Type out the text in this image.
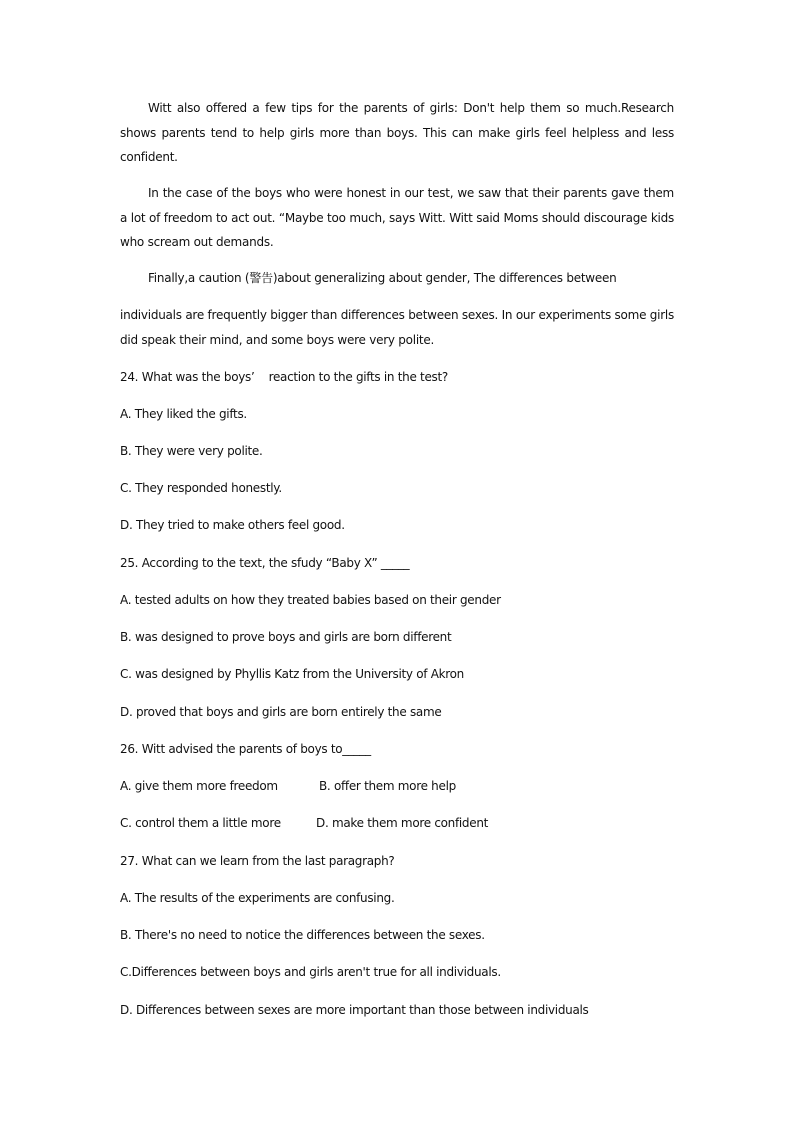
Witt also offered a few tips for the parents of girls: Don't help them so much.Research shows parents tend to help girls more than boys. This can make girls feel helpless and less confident.
In the case of the boys who were honest in our test, we saw that their parents gave them a lot of freedom to act out. “Maybe too much, says Witt. Witt said Moms should discourage kids who scream out demands.
Finally,a caution (警告)about generalizing about gender, The differences between
individuals are frequently bigger than differences between sexes. In our experiments some girls did speak their mind, and some boys were very polite.
24. What was the boys’    reaction to the gifts in the test?
A. They liked the gifts.
B. They were very polite.
C. They responded honestly.
D. They tried to make others feel good.
25. According to the text, the sfudy “Baby X” _____
A. tested adults on how they treated babies based on their gender
B. was designed to prove boys and girls are born different
C. was designed by Phyllis Katz from the University of Akron
D. proved that boys and girls are born entirely the same
26. Witt advised the parents of boys to_____
A. give them more freedom	B. offer them more help
C. control them a little more	D. make them more confident
27. What can we learn from the last paragraph?
A. The results of the experiments are confusing.
B. There's no need to notice the differences between the sexes.
C.Differences between boys and girls aren't true for all individuals.
D. Differences between sexes are more important than those between individuals
